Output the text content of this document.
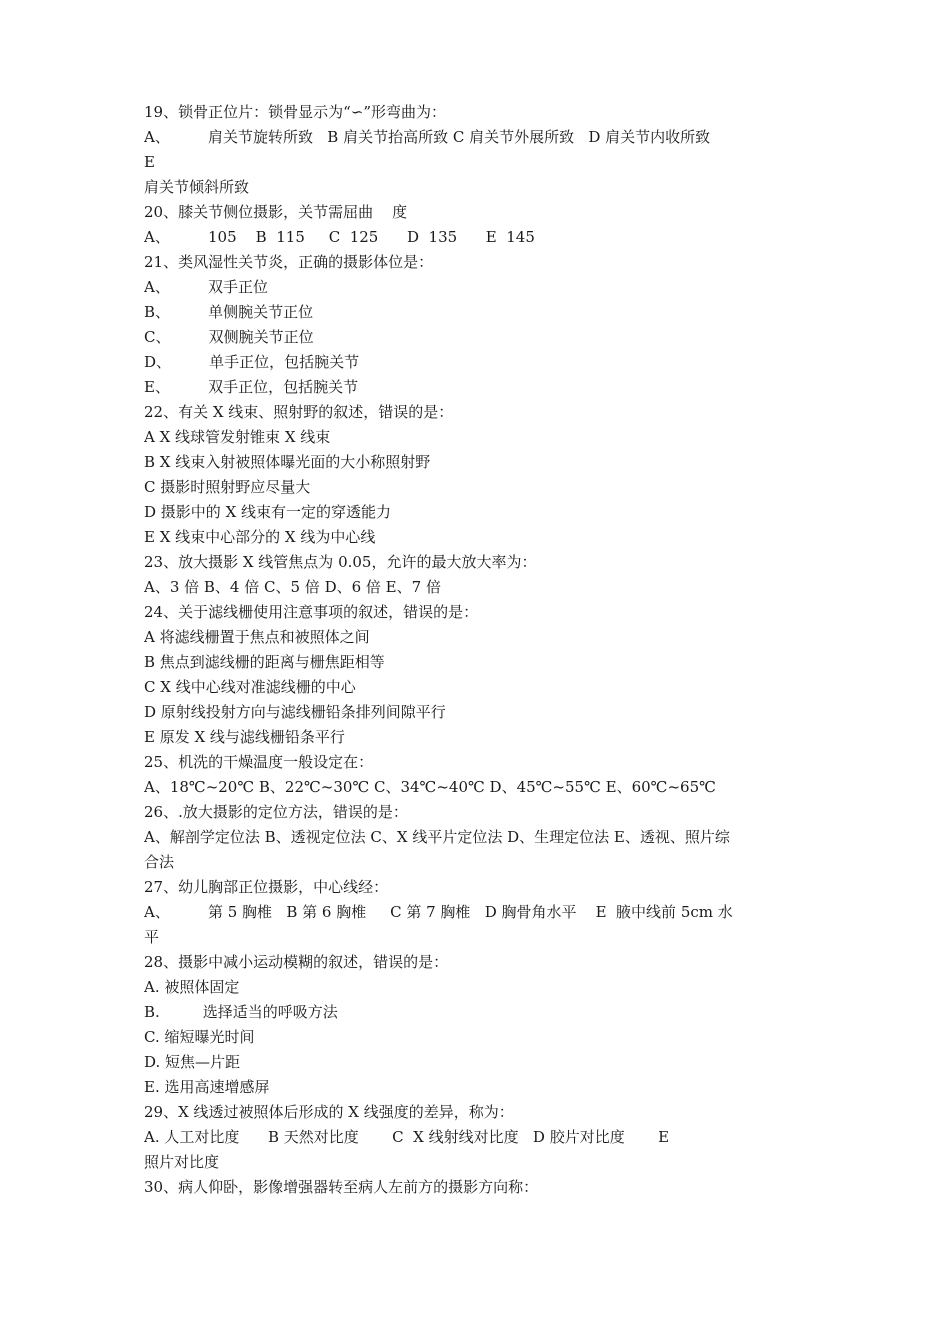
19、锁骨正位片：锁骨显示为“∽”形弯曲为：
A、        肩关节旋转所致   B 肩关节抬高所致 C 肩关节外展所致   D 肩关节内收所致
E
肩关节倾斜所致
20、膝关节侧位摄影，关节需屈曲    度
A、        105    B  115     C  125      D  135      E  145
21、类风湿性关节炎，正确的摄影体位是：
A、        双手正位
B、        单侧腕关节正位
C、        双侧腕关节正位
D、        单手正位，包括腕关节
E、        双手正位，包括腕关节
22、有关 X 线束、照射野的叙述，错误的是：
A X 线球管发射锥束 X 线束
B X 线束入射被照体曝光面的大小称照射野
C 摄影时照射野应尽量大
D 摄影中的 X 线束有一定的穿透能力
E X 线束中心部分的 X 线为中心线
23、放大摄影 X 线管焦点为 0.05，允许的最大放大率为：
A、3 倍 B、4 倍 C、5 倍 D、6 倍 E、7 倍
24、关于滤线栅使用注意事项的叙述，错误的是：
A 将滤线栅置于焦点和被照体之间
B 焦点到滤线栅的距离与栅焦距相等
C X 线中心线对准滤线栅的中心
D 原射线投射方向与滤线栅铅条排列间隙平行
E 原发 X 线与滤线栅铅条平行
25、机洗的干燥温度一般设定在：
A、18℃~20℃ B、22℃~30℃ C、34℃~40℃ D、45℃~55℃ E、60℃~65℃
26、.放大摄影的定位方法，错误的是：
A、解剖学定位法 B、透视定位法 C、X 线平片定位法 D、生理定位法 E、透视、照片综
合法
27、幼儿胸部正位摄影，中心线经：
A、        第 5 胸椎   B 第 6 胸椎     C 第 7 胸椎   D 胸骨角水平    E  腋中线前 5cm 水
平
28、摄影中减小运动模糊的叙述，错误的是：
A. 被照体固定
B.         选择适当的呼吸方法
C. 缩短曝光时间
D. 短焦—片距
E. 选用高速增感屏
29、X 线透过被照体后形成的 X 线强度的差异，称为：
A. 人工对比度      B 天然对比度       C  X 线射线对比度   D 胶片对比度       E
照片对比度
30、病人仰卧，影像增强器转至病人左前方的摄影方向称：
